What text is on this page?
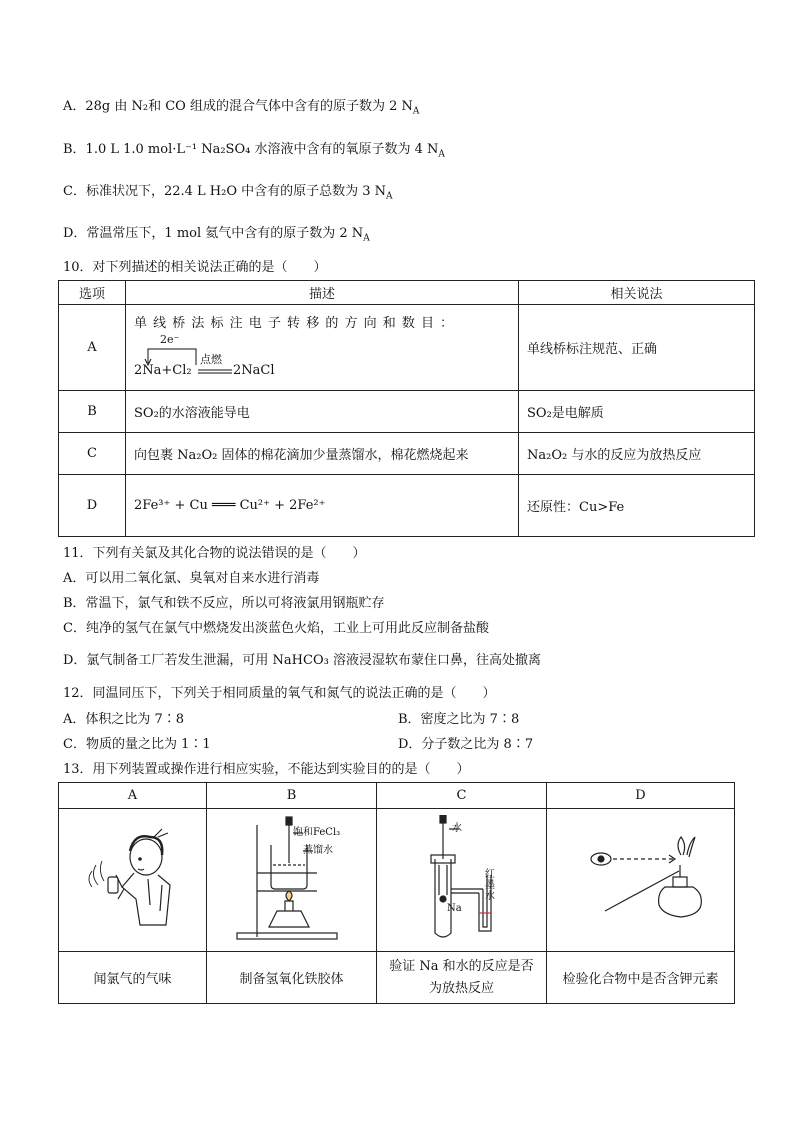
A．28g 由 N₂和 CO 组成的混合气体中含有的原子数为 2 $N_A$
B．1.0 L 1.0 mol·L⁻¹ Na₂SO₄ 水溶液中含有的氧原子数为 4 $N_A$
C．标准状况下，22.4 L H₂O 中含有的原子总数为 3 $N_A$
D．常温常压下，1 mol 氦气中含有的原子数为 2 $N_A$
10．对下列描述的相关说法正确的是（　　）
选项	描述	相关说法
A	单 线 桥 法 标 注 电 子 转 移 的 方 向 和 数 目 ：
2e⁻
2Na+Cl₂
点燃
2NaCl	单线桥标注规范、正确
B	SO₂的水溶液能导电	SO₂是电解质
C	向包裹 Na₂O₂ 固体的棉花滴加少量蒸馏水，棉花燃烧起来	Na₂O₂ 与水的反应为放热反应
D	2Fe³⁺ + Cu ═══ Cu²⁺ + 2Fe²⁺	还原性：Cu>Fe
11．下列有关氯及其化合物的说法错误的是（　　）
A．可以用二氧化氯、臭氧对自来水进行消毒
B．常温下，氯气和铁不反应，所以可将液氯用钢瓶贮存
C．纯净的氢气在氯气中燃烧发出淡蓝色火焰，工业上可用此反应制备盐酸
D．氯气制备工厂若发生泄漏，可用 NaHCO₃ 溶液浸湿软布蒙住口鼻，往高处撤离
12．同温同压下，下列关于相同质量的氧气和氮气的说法正确的是（　　）
A．体积之比为 7∶8	B．密度之比为 7∶8
C．物质的量之比为 1∶1	D．分子数之比为 8∶7
13．用下列装置或操作进行相应实验，不能达到实验目的的是（　　）
A	B	C	D

饱和FeCl₃
蒸馏水	水
Na
红墨水

闻氯气的气味	制备氢氧化铁胶体	验证 Na 和水的反应是否为放热反应	检验化合物中是否含钾元素
